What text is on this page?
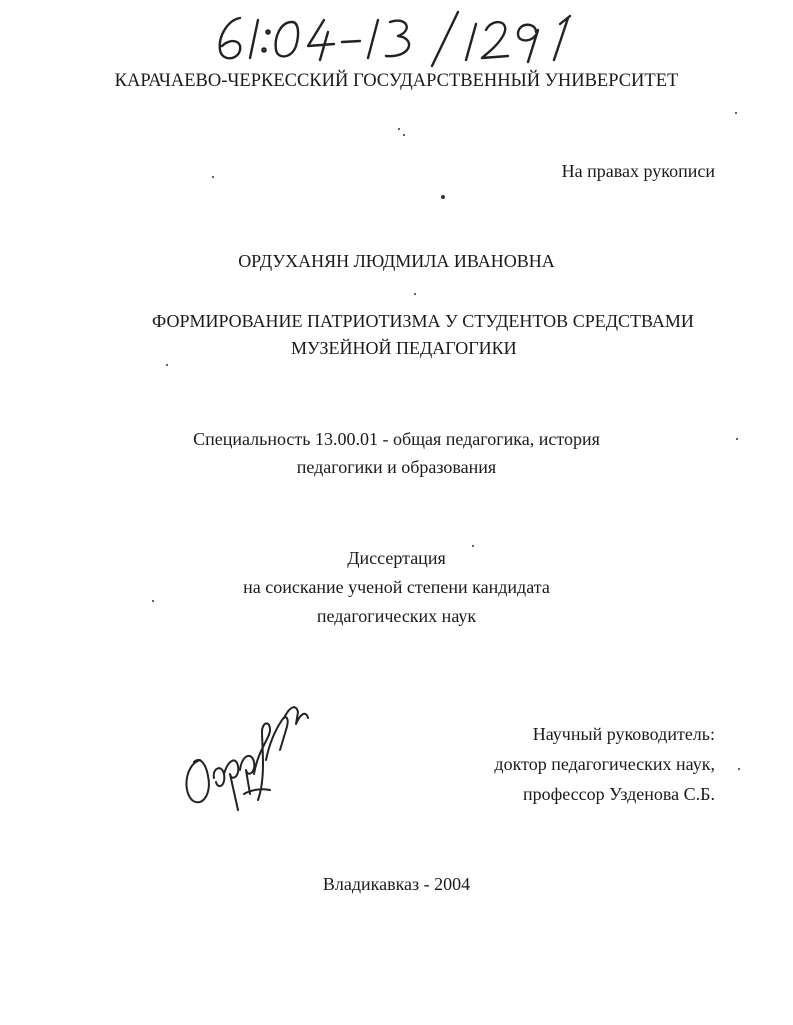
КАРАЧАЕВО-ЧЕРКЕССКИЙ ГОСУДАРСТВЕННЫЙ УНИВЕРСИТЕТ
На правах рукописи
ОРДУХАНЯН ЛЮДМИЛА ИВАНОВНА
ФОРМИРОВАНИЕ ПАТРИОТИЗМА У СТУДЕНТОВ СРЕДСТВАМИ
МУЗЕЙНОЙ ПЕДАГОГИКИ
Специальность 13.00.01 - общая педагогика, история
педагогики и образования
Диссертация
на соискание ученой степени кандидата
педагогических наук
Научный руководитель:
доктор педагогических наук,
профессор Узденова С.Б.
Владикавказ - 2004
